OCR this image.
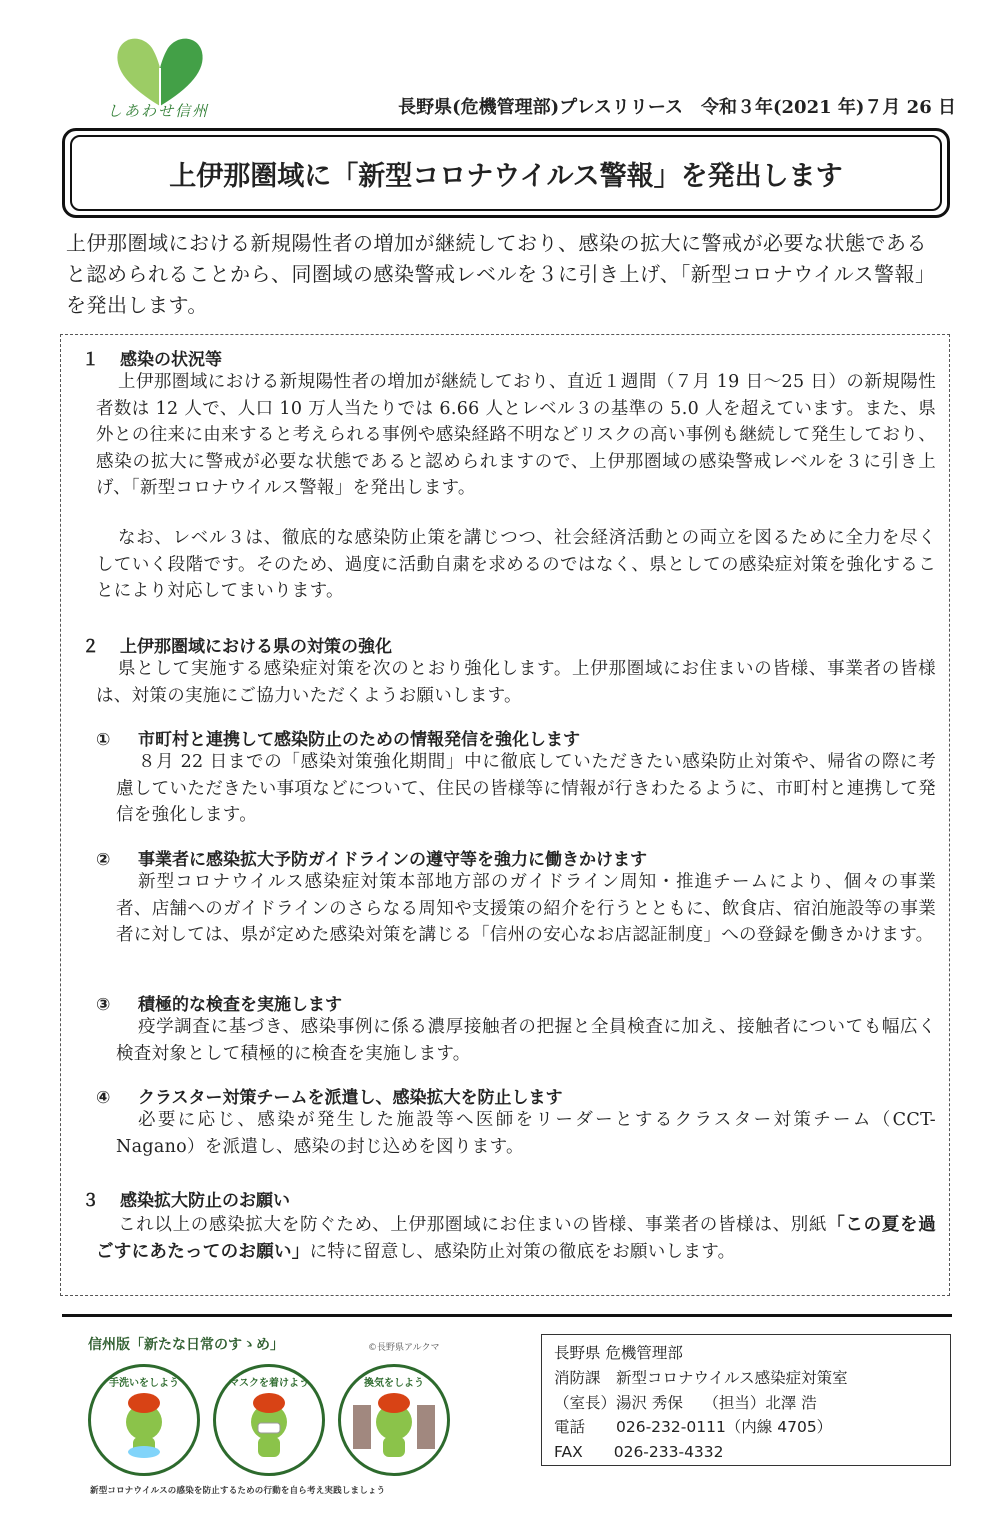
しあわせ信州	長野県(危機管理部)プレスリリース　令和３年(2021 年)７月 26 日
上伊那圏域に「新型コロナウイルス警報」を発出します
上伊那圏域における新規陽性者の増加が継続しており、感染の拡大に警戒が必要な状態であると認められることから、同圏域の感染警戒レベルを３に引き上げ、「新型コロナウイルス警報」を発出します。
１ 感染の状況等
上伊那圏域における新規陽性者の増加が継続しており、直近１週間（７月 19 日～25 日）の新規陽性者数は 12 人で、人口 10 万人当たりでは 6.66 人とレベル３の基準の 5.0 人を超えています。また、県外との往来に由来すると考えられる事例や感染経路不明などリスクの高い事例も継続して発生しており、感染の拡大に警戒が必要な状態であると認められますので、上伊那圏域の感染警戒レベルを３に引き上げ、「新型コロナウイルス警報」を発出します。
なお、レベル３は、徹底的な感染防止策を講じつつ、社会経済活動との両立を図るために全力を尽くしていく段階です。そのため、過度に活動自粛を求めるのではなく、県としての感染症対策を強化することにより対応してまいります。
２ 上伊那圏域における県の対策の強化
県として実施する感染症対策を次のとおり強化します。上伊那圏域にお住まいの皆様、事業者の皆様は、対策の実施にご協力いただくようお願いします。
① 市町村と連携して感染防止のための情報発信を強化します
８月 22 日までの「感染対策強化期間」中に徹底していただきたい感染防止対策や、帰省の際に考慮していただきたい事項などについて、住民の皆様等に情報が行きわたるように、市町村と連携して発信を強化します。
② 事業者に感染拡大予防ガイドラインの遵守等を強力に働きかけます
新型コロナウイルス感染症対策本部地方部のガイドライン周知・推進チームにより、個々の事業者、店舗へのガイドラインのさらなる周知や支援策の紹介を行うとともに、飲食店、宿泊施設等の事業者に対しては、県が定めた感染対策を講じる「信州の安心なお店認証制度」への登録を働きかけます。
③ 積極的な検査を実施します
疫学調査に基づき、感染事例に係る濃厚接触者の把握と全員検査に加え、接触者についても幅広く検査対象として積極的に検査を実施します。
④ クラスター対策チームを派遣し、感染拡大を防止します
必要に応じ、感染が発生した施設等へ医師をリーダーとするクラスター対策チーム（CCT-Nagano）を派遣し、感染の封じ込めを図ります。
３ 感染拡大防止のお願い
これ以上の感染拡大を防ぐため、上伊那圏域にお住まいの皆様、事業者の皆様は、別紙「この夏を過ごすにあたってのお願い」に特に留意し、感染防止対策の徹底をお願いします。
信州版「新たな日常のすゝめ」	©長野県アルクマ
手洗いをしよう	マスクを着けよう	換気をしよう
新型コロナウイルスの感染を防止するための行動を自ら考え実践しましょう
長野県 危機管理部
消防課　新型コロナウイルス感染症対策室
（室長）湯沢 秀保　 （担当）北澤 浩
電話　　026-232-0111（内線 4705）
FAX　　026-233-4332
